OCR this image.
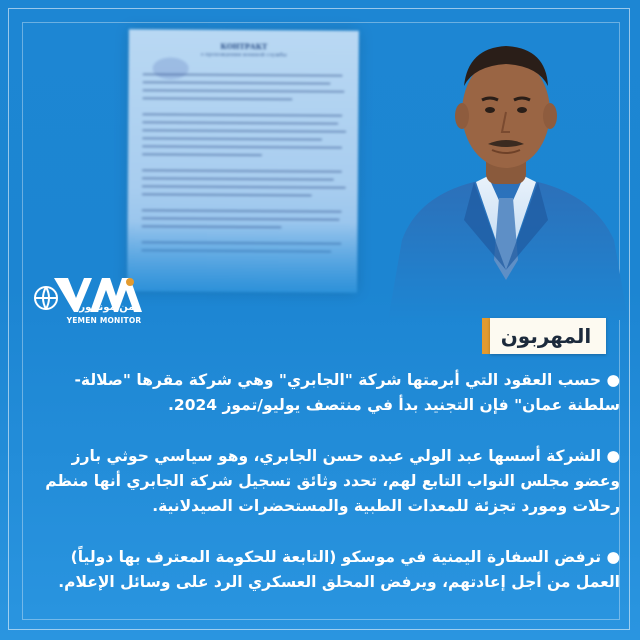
КОНТРАКТ
о прохождении военной службы
يمن مونيتور
YEMEN MONITOR
المهربون

● حسب العقود التي أبرمتها شركة "الجابري" وهي شركة مقرها "صلالة- سلطنة عمان" فإن التجنيد بدأ في منتصف يوليو/تموز 2024.

● الشركة أسسها عبد الولي عبده حسن الجابري، وهو سياسي حوثي بارز وعضو مجلس النواب التابع لهم، تحدد وثائق تسجيل شركة الجابري أنها منظم رحلات ومورد تجزئة للمعدات الطبية والمستحضرات الصيدلانية.

● ترفض السفارة اليمنية في موسكو (التابعة للحكومة المعترف بها دولياً) العمل من أجل إعادتهم، ويرفض المحلق العسكري الرد على وسائل الإعلام.
